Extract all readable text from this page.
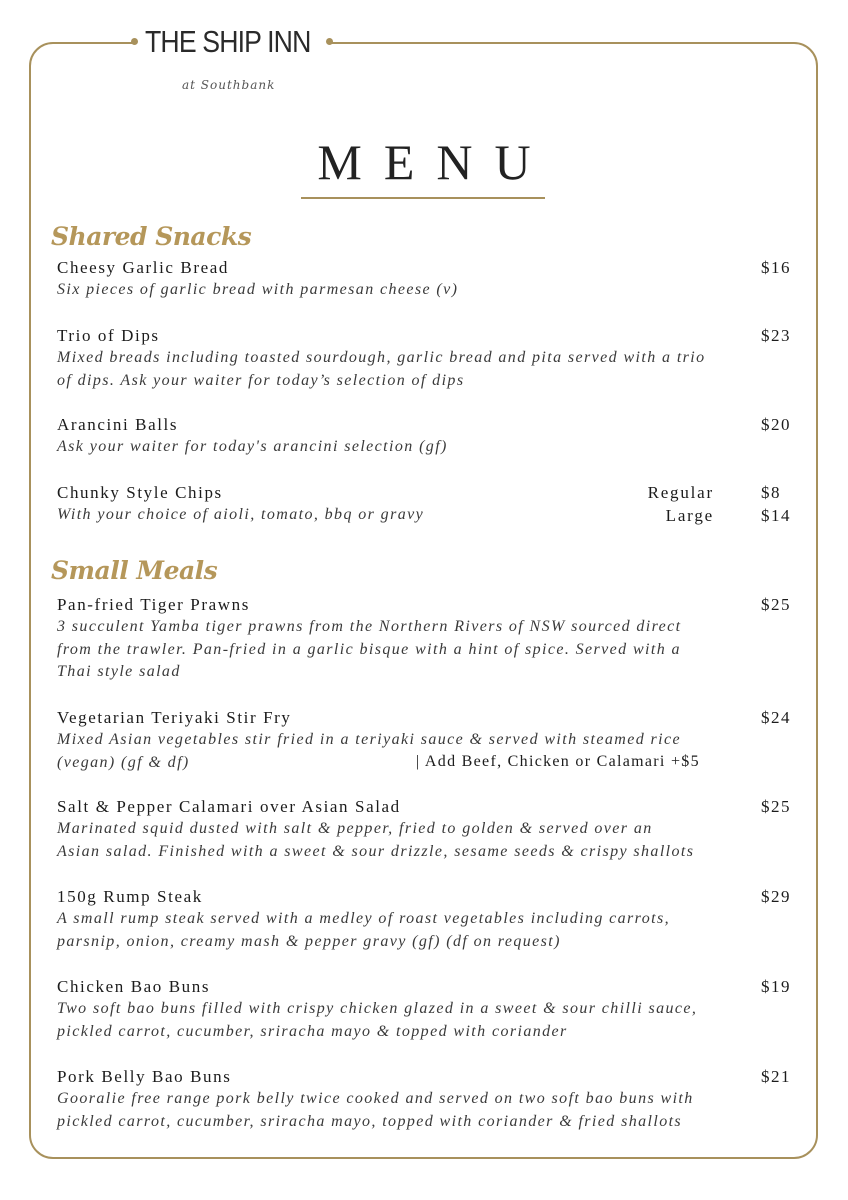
THE SHIP INN
at Southbank
MENU
Shared Snacks
Cheesy Garlic Bread	$16
Six pieces of garlic bread with parmesan cheese (v)
Trio of Dips	$23
Mixed breads including toasted sourdough, garlic bread and pita served with a trio
of dips. Ask your waiter for today’s selection of dips
Arancini Balls	$20
Ask your waiter for today's arancini selection (gf)
Chunky Style Chips
With your choice of aioli, tomato, bbq or gravy
Regular	$8
Large	$14
Small Meals
Pan-fried Tiger Prawns	$25
3 succulent Yamba tiger prawns from the Northern Rivers of NSW sourced direct
from the trawler. Pan-fried in a garlic bisque with a hint of spice. Served with a
Thai style salad
Vegetarian Teriyaki Stir Fry	$24
Mixed Asian vegetables stir fried in a teriyaki sauce & served with steamed rice
(vegan) (gf & df)	| Add Beef, Chicken or Calamari +$5
Salt & Pepper Calamari over Asian Salad	$25
Marinated squid dusted with salt & pepper, fried to golden & served over an
Asian salad. Finished with a sweet & sour drizzle, sesame seeds & crispy shallots
150g Rump Steak	$29
A small rump steak served with a medley of roast vegetables including carrots,
parsnip, onion, creamy mash & pepper gravy (gf) (df on request)
Chicken Bao Buns	$19
Two soft bao buns filled with crispy chicken glazed in a sweet & sour chilli sauce,
pickled carrot, cucumber, sriracha mayo & topped with coriander
Pork Belly Bao Buns	$21
Gooralie free range pork belly twice cooked and served on two soft bao buns with
pickled carrot, cucumber, sriracha mayo, topped with coriander & fried shallots
